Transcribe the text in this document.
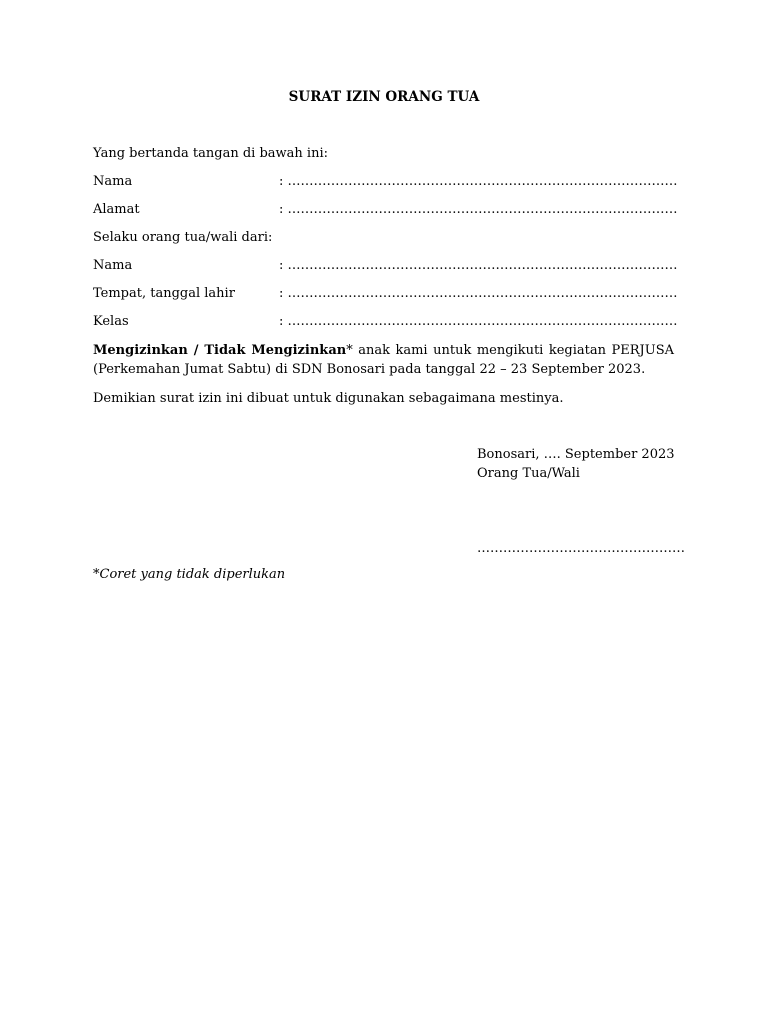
SURAT IZIN ORANG TUA
Yang bertanda tangan di bawah ini:
Nama	: ………………………………………………………………………………
Alamat	: ………………………………………………………………………………
Selaku orang tua/wali dari:
Nama	: ………………………………………………………………………………
Tempat, tanggal lahir	: ………………………………………………………………………………
Kelas	: ………………………………………………………………………………
Mengizinkan / Tidak Mengizinkan* anak kami untuk mengikuti kegiatan PERJUSA (Perkemahan Jumat Sabtu) di SDN Bonosari pada tanggal 22 – 23 September 2023.
Demikian surat izin ini dibuat untuk digunakan sebagaimana mestinya.
Bonosari, …. September 2023
Orang Tua/Wali
…………………………………………
*Coret yang tidak diperlukan
